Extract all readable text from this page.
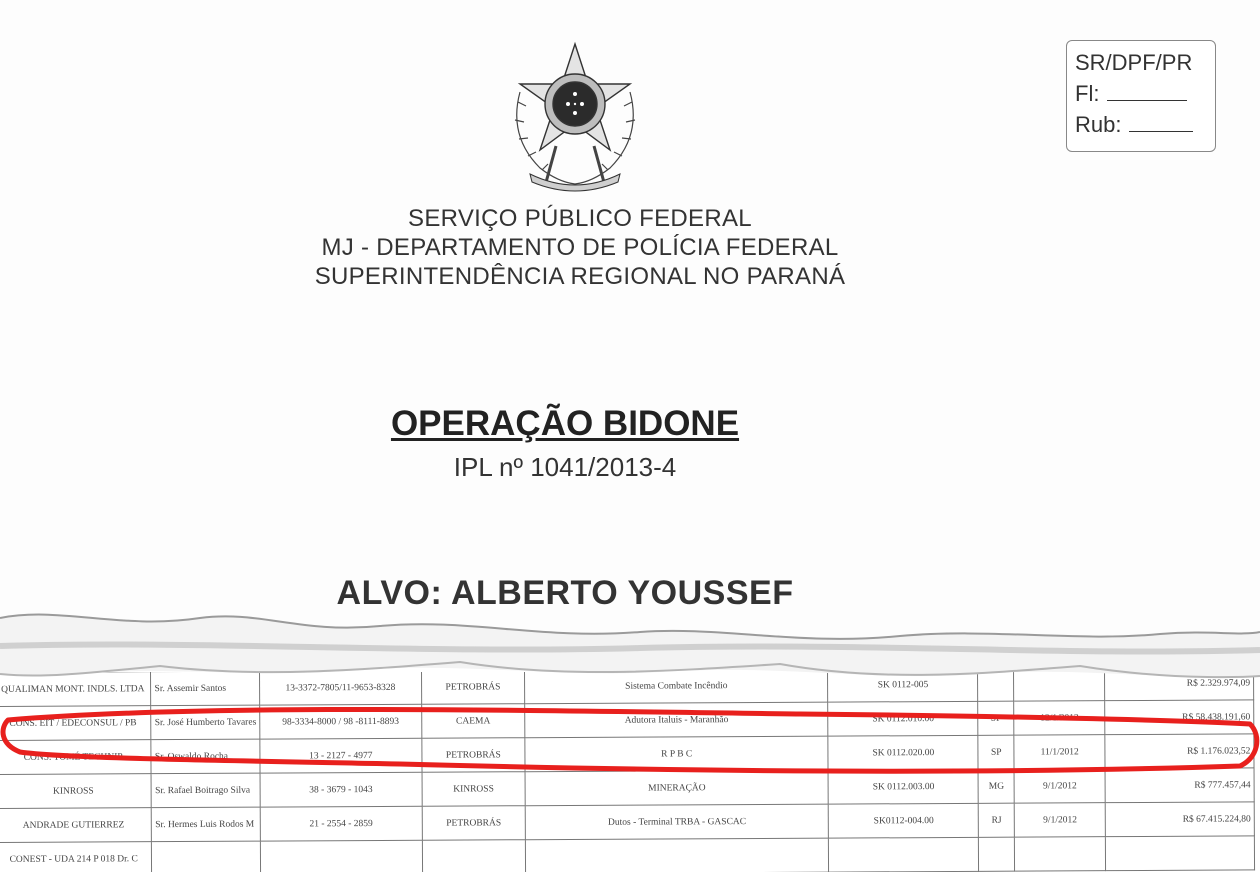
SR/DPF/PR
Fl:
Rub:
SERVIÇO PÚBLICO FEDERAL
MJ - DEPARTAMENTO DE POLÍCIA FEDERAL
SUPERINTENDÊNCIA REGIONAL NO PARANÁ
OPERAÇÃO BIDONE
IPL nº 1041/2013-4
ALVO: ALBERTO YOUSSEF
QUALIMAN MONT. INDLS. LTDA	Sr. Assemir Santos	13-3372-7805/11-9653-8328	PETROBRÁS	Sistema Combate Incêndio	SK 0112-005			R$ 2.329.974,09
CONS. EIT / EDECONSUL / PB	Sr. José Humberto Tavares	98-3334-8000 / 98 -8111-8893	CAEMA	Adutora Italuis - Maranhão	SK 0112.010.00	SP	12/1/2012	R$ 58.438.191,60
CONS. TOMÉ TECHNIP	Sr. Oswaldo Rocha	13 - 2127 - 4977	PETROBRÁS	R P B C	SK 0112.020.00	SP	11/1/2012	R$ 1.176.023,52
KINROSS	Sr. Rafael Boitrago Silva	38 - 3679 - 1043	KINROSS	MINERAÇÃO	SK 0112.003.00	MG	9/1/2012	R$ 777.457,44
ANDRADE GUTIERREZ	Sr. Hermes Luis Rodos M	21 - 2554 - 2859	PETROBRÁS	Dutos - Terminal TRBA - GASCAC	SK0112-004.00	RJ	9/1/2012	R$ 67.415.224,80
CONEST - UDA 214 P 018 Dr. C								
